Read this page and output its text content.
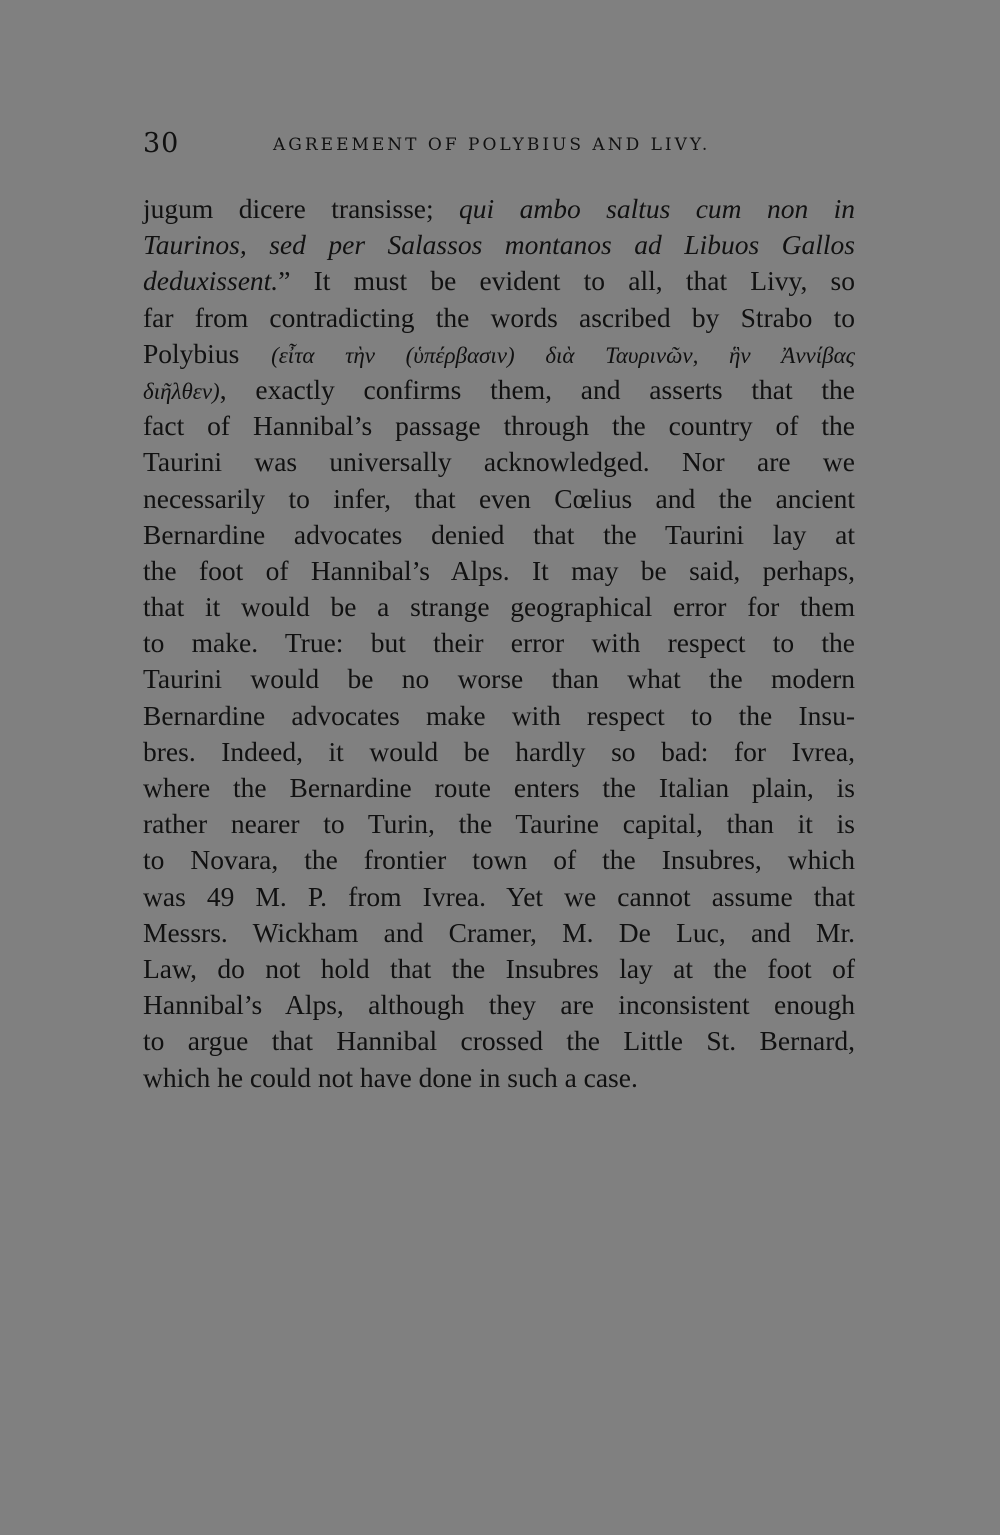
30	AGREEMENT OF POLYBIUS AND LIVY.
jugum dicere transisse; qui ambo saltus cum non in
Taurinos, sed per Salassos montanos ad Libuos Gallos
deduxissent.” It must be evident to all, that Livy, so
far from contradicting the words ascribed by Strabo to
Polybius (εἶτα τὴν (ὑπέρβασιν) διὰ Ταυρινῶν, ἣν Ἀννίβας
διῆλθεν), exactly confirms them, and asserts that the
fact of Hannibal’s passage through the country of the
Taurini was universally acknowledged. Nor are we
necessarily to infer, that even Cœlius and the ancient
Bernardine advocates denied that the Taurini lay at
the foot of Hannibal’s Alps. It may be said, perhaps,
that it would be a strange geographical error for them
to make. True: but their error with respect to the
Taurini would be no worse than what the modern
Bernardine advocates make with respect to the Insu-
bres. Indeed, it would be hardly so bad: for Ivrea,
where the Bernardine route enters the Italian plain, is
rather nearer to Turin, the Taurine capital, than it is
to Novara, the frontier town of the Insubres, which
was 49 M. P. from Ivrea. Yet we cannot assume that
Messrs. Wickham and Cramer, M. De Luc, and Mr.
Law, do not hold that the Insubres lay at the foot of
Hannibal’s Alps, although they are inconsistent enough
to argue that Hannibal crossed the Little St. Bernard,
which he could not have done in such a case.
